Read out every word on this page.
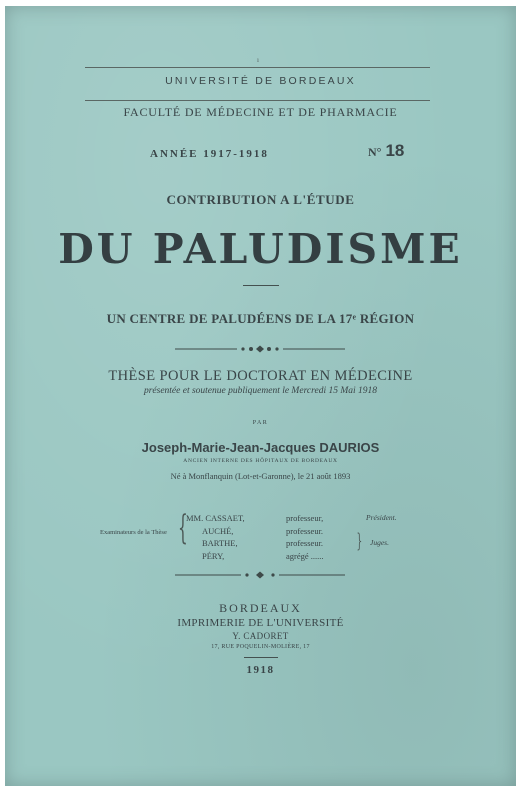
ı
UNIVERSITÉ DE BORDEAUX
FACULTÉ DE MÉDECINE ET DE PHARMACIE
ANNÉE 1917-1918	N° 18
CONTRIBUTION A L'ÉTUDE
DU PALUDISME
UN CENTRE DE PALUDÉENS DE LA 17ᵉ RÉGION
THÈSE POUR LE DOCTORAT EN MÉDECINE
présentée et soutenue publiquement le Mercredi 15 Mai 1918
PAR
Joseph-Marie-Jean-Jacques DAURIOS
ANCIEN INTERNE DES HÔPITAUX DE BORDEAUX
Né à Monflanquin (Lot-et-Garonne), le 21 août 1893
Examinateurs de la Thèse {
MM. CASSAET,
AUCHÉ,
BARTHE,
PÉRY,
professeur,
professeur.
professeur.
agrégé ......
}
Président.
Juges.
BORDEAUX
IMPRIMERIE DE L'UNIVERSITÉ
Y. CADORET
17, RUE POQUELIN-MOLIÈRE, 17
1918
